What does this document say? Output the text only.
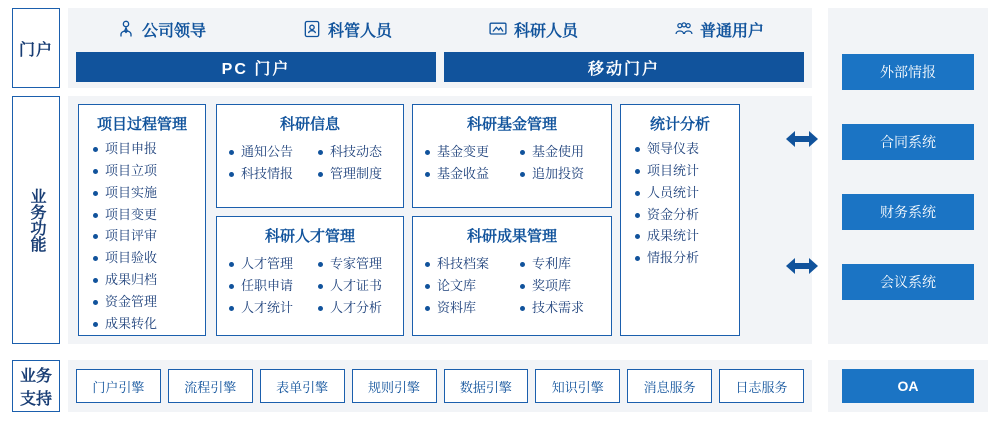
门户
公司领导	科管人员	科研人员	普通用户
PC 门户	移动门户
业务功能
项目过程管理
项目申报
项目立项
项目实施
项目变更
项目评审
项目验收
成果归档
资金管理
成果转化
科研信息
通知公告
科技情报
科技动态
管理制度
科研人才管理
人才管理
任职申请
人才统计
专家管理
人才证书
人才分析
科研基金管理
基金变更
基金收益
基金使用
追加投资
科研成果管理
科技档案
论文库
资料库
专利库
奖项库
技术需求
统计分析
领导仪表
项目统计
人员统计
资金分析
成果统计
情报分析
业务支持
门户引擎	流程引擎	表单引擎	规则引擎	数据引擎	知识引擎	消息服务	日志服务
外部情报
合同系统
财务系统
会议系统
OA
